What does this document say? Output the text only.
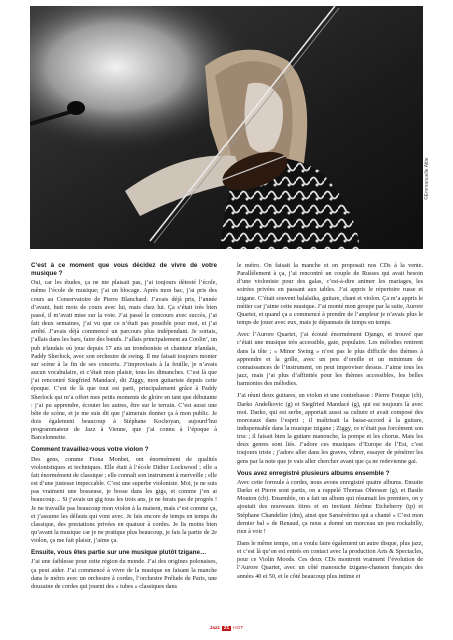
©Emmanuelle Attie
C’est à ce moment que vous décidez de vivre de votre musique ?

Oui, car les études, ça ne me plaisait pas, j’ai toujours détesté l’école, même l’école de musique; j’ai un blocage. Après mon bac, j’ai pris des cours au Conservatoire de Pierre Blanchard. J’avais déjà pris, l’année d’avant, huit mois de cours avec lui, mais chez lui. Ça s’était très bien passé, il m’avait mise sur la voie. J’ai passé le concours avec succès, j’ai fait deux semaines, j’ai vu que ce n’était pas possible pour moi, et j’ai arrêté. J’avais déjà commencé un parcours plus indépendant. Je sortais, j’allais dans les bars, faire des bœufs. J’allais principalement au Coolin’, un pub irlandais où joue depuis 17 ans un tromboniste et chanteur irlandais, Paddy Sherlock, avec son orchestre de swing. Il me faisait toujours monter sur scène à la fin de ses concerts. J’improvisais à la feuille, je n’avais aucun vocabulaire, et c’était mon plaisir, tous les dimanches. C’est là que j’ai rencontré Siegfried Mandacé, dit Ziggy, mon guitariste depuis cette époque. C’est de là que tout est parti, principalement grâce à Paddy Sherlock qui m’a offert mes petits moments de gloire en tant que débutante : j’ai pu apprendre, écouter les autres, être sur le terrain. C’est aussi une bête de scène, et je me suis dit que j’aimerais donner ça à mon public. Je dois également beaucoup à Stéphane Kochoyan, aujourd’hui programmateur de Jazz à Vienne, que j’ai connu à l’époque à Barcelonnette.

Comment travaillez-vous votre violon ?

Des gens, comme Fiona Monbet, ont énormément de qualités violonistiques et techniques. Elle était à l’école Didier Lockwood ; elle a fait énormément de classique ; elle connaît son instrument à merveille ; elle est d’une justesse impeccable. C’est une superbe violoniste. Moi, je ne suis pas vraiment une bosseuse, je bosse dans les gigs, et comme j’en ai beaucoup… Si j’avais un gig tous les trois ans, je ne ferais pas de progrès ! Je ne travaille pas beaucoup mon violon à la maison, mais c’est comme ça, et j’assume les défauts qui vont avec. Je fais encore de temps en temps du classique, des prestations privées en quatuor à cordes. Je lis moins bien qu’avant la musique car je ne pratique plus beaucoup, je fais la partie de 2e violon, ça me fait plaisir, j’aime ça.

Ensuite, vous êtes partie sur une musique plutôt tzigane…

J’ai une faiblesse pour cette région du monde. J’ai des origines polonaises, ça peut aider. J’ai commencé à vivre de la musique en faisant la manche dans le métro avec un orchestre à cordes, l’orchestre Prélude de Paris, une douzaine de cordes qui jouent des « tubes » classiques dans

le métro. On faisait la manche et on proposait nos CDs à la vente. Parallèlement à ça, j’ai rencontré un couple de Russes qui avait besoin d’une violoniste pour des galas, c’est-à-dire animer les mariages, les soirées privées en passant aux tables. J’ai appris le répertoire russe et tzigane. C’était souvent balalaïka, guitare, chant et violon. Ça m’a appris le métier car j’aime cette musique. J’ai monté mon groupe par la suite, Aurore Quartet, et quand ça a commencé à prendre de l’ampleur je n’avais plus le temps de jouer avec eux, mais je dépannais de temps en temps.

Avec l’Aurore Quartet, j’ai écouté énormément Django, et trouvé que c’était une musique très accessible, gaie, populaire. Les mélodies rentrent dans la tête ; « Minor Swing » n’est pas le plus difficile des thèmes à apprendre et la grille, avec un peu d’oreille et un minimum de connaissances de l’instrument, on peut improviser dessus. J’aime tous les jazz, mais j’ai plus d’affinités pour les thèmes accessibles, les belles harmonies des mélodies.

J’ai réuni deux guitares, un violon et une contrebasse : Pierre Fouque (cb), Darko Andelkovic (g) et Siegfried Mandacé (g), qui est toujours là avec moi. Darko, qui est serbe, apportait aussi sa culture et avait composé des morceaux dans l’esprit ; il maîtrisait la basse-accord à la guitare, indispensable dans la musique tzigane ; Ziggy, ce n’était pas forcément son truc ; il faisait bien la guitare manouche, la pompe et les chorus. Mais les deux genres sont liés. J’adore ces musiques d’Europe de l’Est, c’est toujours triste ; j’adore aller dans les graves, vibrer, essayer de pénétrer les gens par la note que je vais aller chercher avant que ça ne redevienne gai.

Vous avez enregistré plusieurs albums ensemble ?

Avec cette formule à cordes, nous avons enregistré quatre albums. Ensuite Darko et Pierre sont partis, on a rappelé Thomas Ohresser (g), et Basile Mouton (cb). Ensemble, on a fait un album qui résumait les premiers, on y ajoutait des nouveaux titres et en invitant Jérôme Etcheberry (tp) et Stéphane Chandelier (dm), ainsi que Sansévérino qui a chanté « C’est mon dernier bal » de Renaud, ça nous a donné un morceau un peu rockabilly, rien à voir !

Dans le même temps, on a voulu faire également un autre disque, plus jazz, et c’est là qu’on est entrés en contact avec la production Arts & Spectacles, pour ce Violin Moods. Ces deux CDs montrent vraiment l’évolution de l’Aurore Quartet, avec un côté manouche tzigane-chanson français des années 40 et 50, et le côté beaucoup plus intime et

Jazz 21 HOT
